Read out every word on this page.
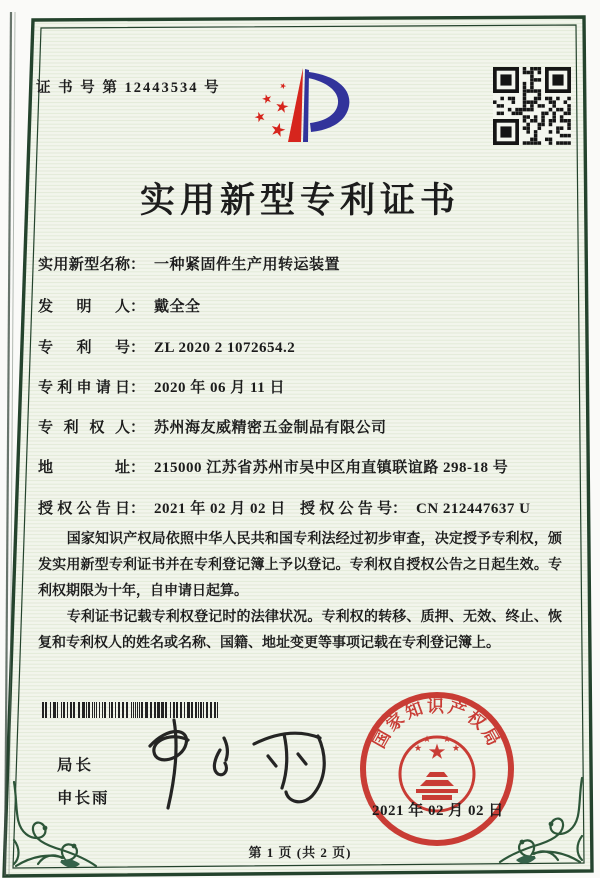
证 书 号 第 12443534 号
实用新型专利证书
实用新型名称： 一种紧固件生产用转运装置
发明人： 戴全全
专利号： ZL 2020 2 1072654.2
专利申请日： 2020 年 06 月 11 日
专利权人： 苏州海友威精密五金制品有限公司
地址： 215000 江苏省苏州市吴中区甪直镇联谊路 298-18 号
授权公告日： 2021 年 02 月 02 日 授权公告号： CN 212447637 U

国家知识产权局依照中华人民共和国专利法经过初步审查，决定授予专利权，颁发实用新型专利证书并在专利登记簿上予以登记。专利权自授权公告之日起生效。专利权期限为十年，自申请日起算。

专利证书记载专利权登记时的法律状况。专利权的转移、质押、无效、终止、恢复和专利权人的姓名或名称、国籍、地址变更等事项记载在专利登记簿上。

局长
申长雨
国家知识产权局
2021 年 02 月 02 日
第 1 页 (共 2 页)
